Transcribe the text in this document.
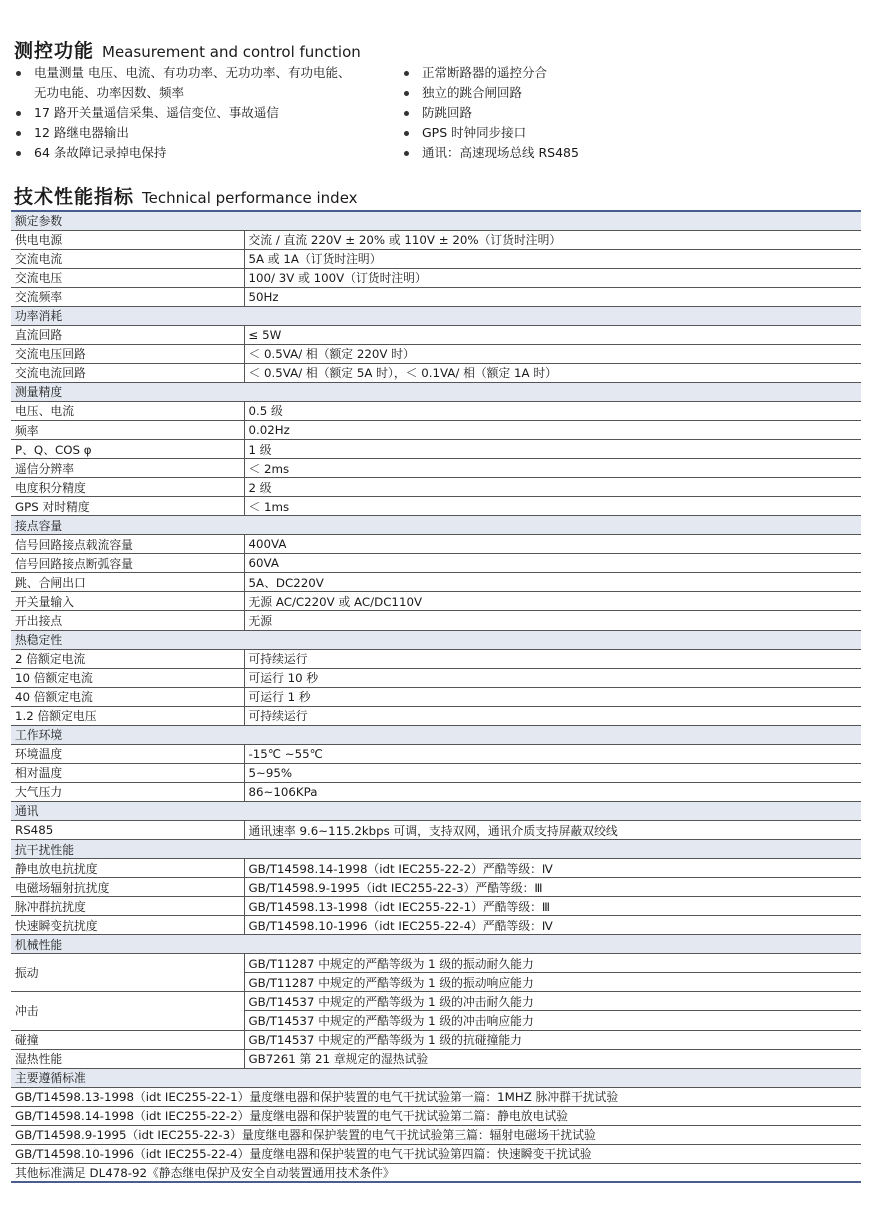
测控功能 Measurement and control function
电量测量 电压、电流、有功功率、无功功率、有功电能、
无功电能、功率因数、频率
17 路开关量遥信采集、遥信变位、事故遥信
12 路继电器输出
64 条故障记录掉电保持
正常断路器的遥控分合
独立的跳合闸回路
防跳回路
GPS 时钟同步接口
通讯：高速现场总线 RS485
技术性能指标 Technical performance index
额定参数	
供电电源	交流 / 直流 220V ± 20% 或 110V ± 20%（订货时注明）
交流电流	5A 或 1A（订货时注明）
交流电压	100/ 3V 或 100V（订货时注明）
交流频率	50Hz
功率消耗	
直流回路	≤ 5W
交流电压回路	＜ 0.5VA/ 相（额定 220V 时）
交流电流回路	＜ 0.5VA/ 相（额定 5A 时），＜ 0.1VA/ 相（额定 1A 时）
测量精度	
电压、电流	0.5 级
频率	0.02Hz
P、Q、COS φ	1 级
遥信分辨率	＜ 2ms
电度积分精度	2 级
GPS 对时精度	＜ 1ms
接点容量	
信号回路接点载流容量	400VA
信号回路接点断弧容量	60VA
跳、合闸出口	5A、DC220V
开关量输入	无源 AC/C220V 或 AC/DC110V
开出接点	无源
热稳定性	
2 倍额定电流	可持续运行
10 倍额定电流	可运行 10 秒
40 倍额定电流	可运行 1 秒
1.2 倍额定电压	可持续运行
工作环境	
环境温度	-15℃ ~55℃
相对温度	5~95%
大气压力	86~106KPa
通讯	
RS485	通讯速率 9.6~115.2kbps 可调，支持双网，通讯介质支持屏蔽双绞线
抗干扰性能	
静电放电抗扰度	GB/T14598.14-1998（idt IEC255-22-2）严酷等级：Ⅳ
电磁场辐射抗扰度	GB/T14598.9-1995（idt IEC255-22-3）严酷等级：Ⅲ
脉冲群抗扰度	GB/T14598.13-1998（idt IEC255-22-1）严酷等级：Ⅲ
快速瞬变抗扰度	GB/T14598.10-1996（idt IEC255-22-4）严酷等级：Ⅳ
机械性能	
振动	GB/T11287 中规定的严酷等级为 1 级的振动耐久能力
	GB/T11287 中规定的严酷等级为 1 级的振动响应能力
冲击	GB/T14537 中规定的严酷等级为 1 级的冲击耐久能力
	GB/T14537 中规定的严酷等级为 1 级的冲击响应能力
碰撞	GB/T14537 中规定的严酷等级为 1 级的抗碰撞能力
湿热性能	GB7261 第 21 章规定的湿热试验
主要遵循标准	
GB/T14598.13-1998（idt IEC255-22-1）量度继电器和保护装置的电气干扰试验第一篇：1MHZ 脉冲群干扰试验	
GB/T14598.14-1998（idt IEC255-22-2）量度继电器和保护装置的电气干扰试验第二篇：静电放电试验	
GB/T14598.9-1995（idt IEC255-22-3）量度继电器和保护装置的电气干扰试验第三篇：辐射电磁场干扰试验	
GB/T14598.10-1996（idt IEC255-22-4）量度继电器和保护装置的电气干扰试验第四篇：快速瞬变干扰试验	
其他标准满足 DL478-92《静态继电保护及安全自动装置通用技术条件》	
